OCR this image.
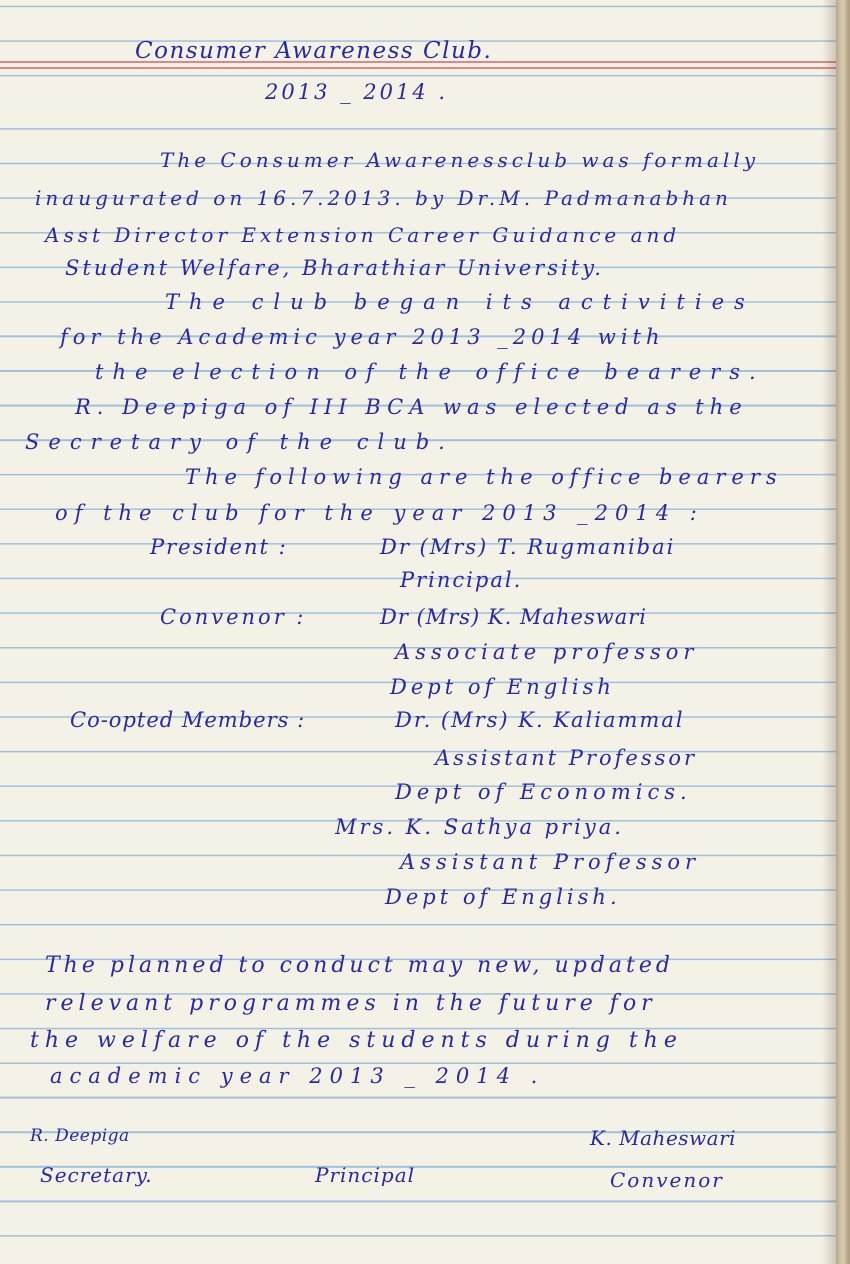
Consumer Awareness Club.
2013 _ 2014 .
The Consumer Awarenessclub was formally
inaugurated on 16.7.2013. by Dr.M. Padmanabhan
Asst Director Extension Career Guidance and
Student Welfare, Bharathiar University.
The club began its activities
for the Academic year 2013 _2014 with
the election of the office bearers.
R. Deepiga of III BCA was elected as the
Secretary of the club.
The following are the office bearers
of the club for the year 2013 _2014 :
President :	Dr (Mrs) T. Rugmanibai
Principal.
Convenor :	Dr (Mrs) K. Maheswari
Associate professor
Dept of English
Co-opted Members :	Dr. (Mrs) K. Kaliammal
Assistant Professor
Dept of Economics.
Mrs. K. Sathya priya.
Assistant Professor
Dept of English.
The planned to conduct may new, updated
relevant programmes in the future for
the welfare of the students during the
academic year 2013 _ 2014 .
R. Deepiga
Secretary.	Principal
K. Maheswari
Convenor
